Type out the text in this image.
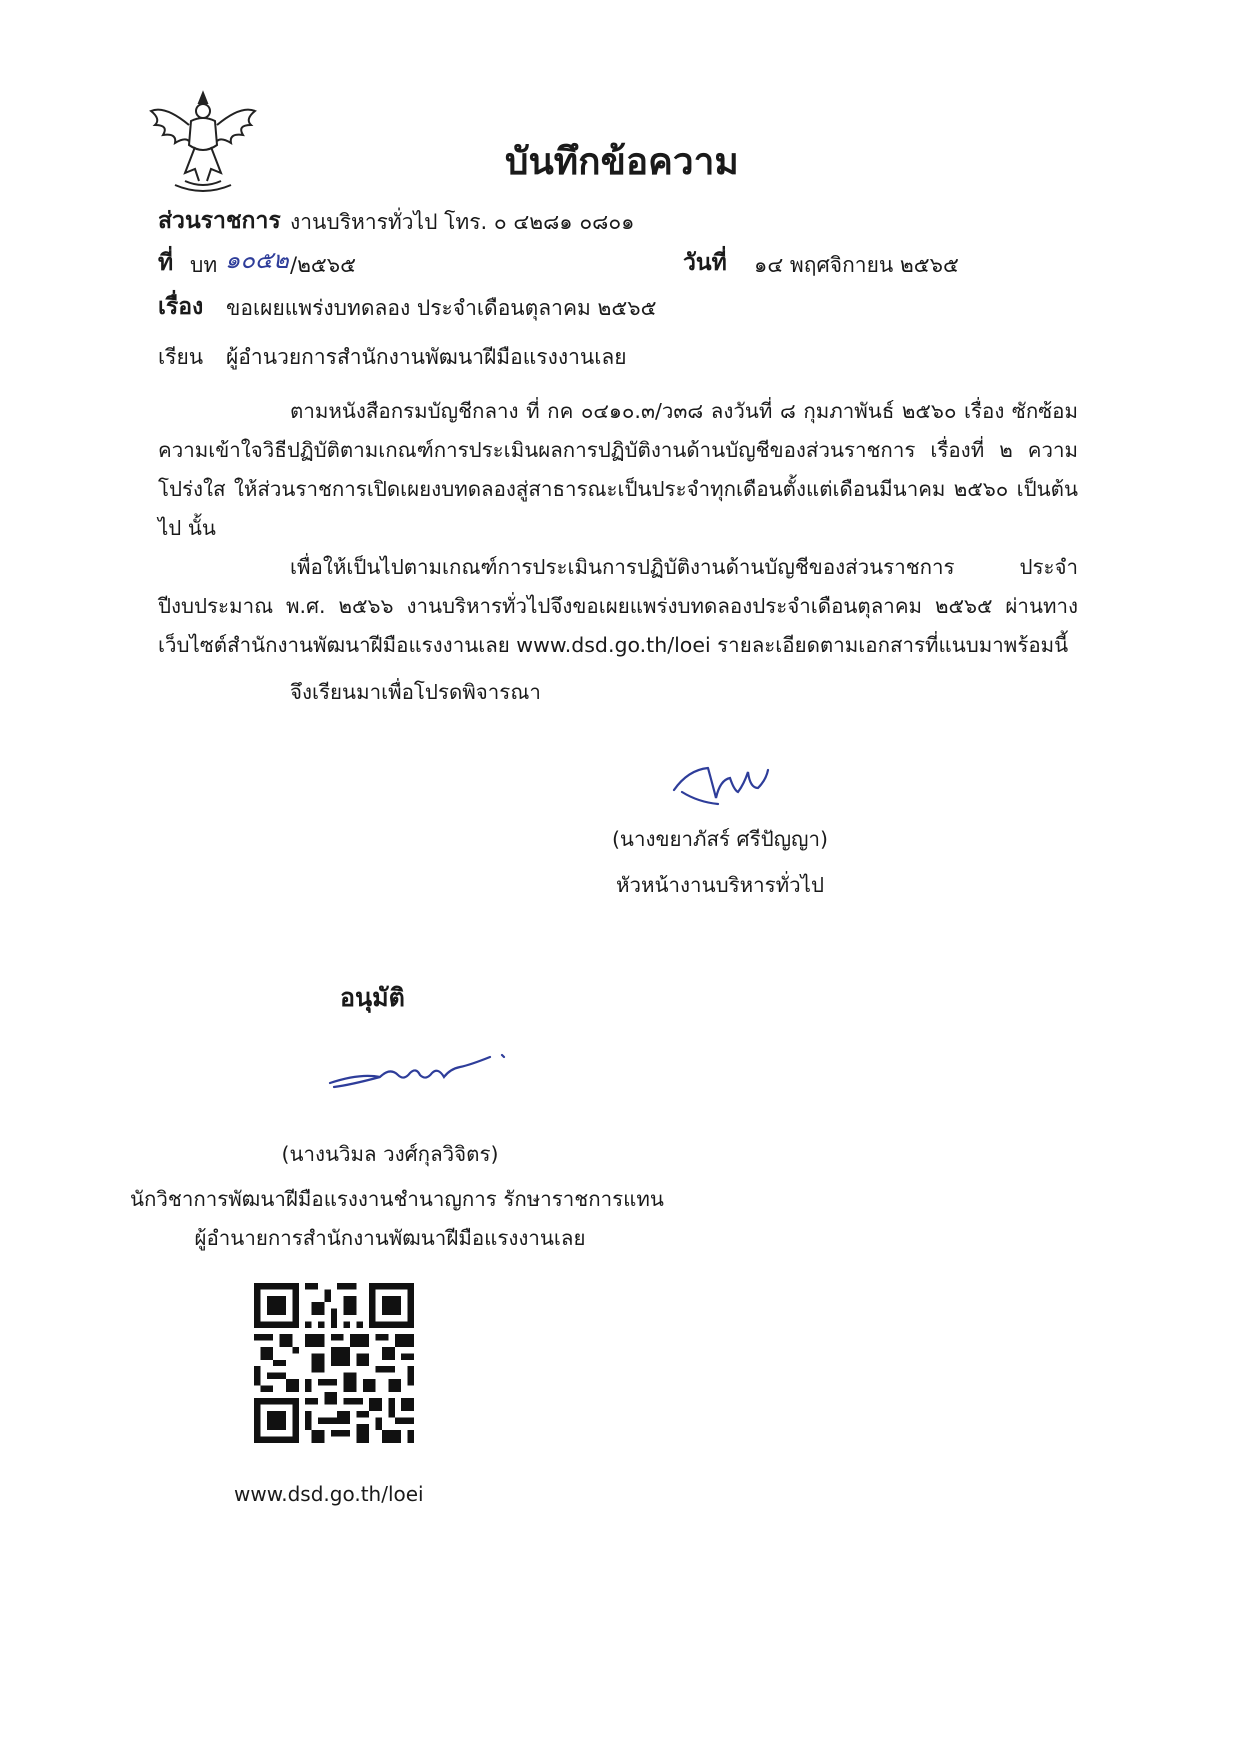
บันทึกข้อความ
ส่วนราชการ งานบริหารทั่วไป โทร. ๐ ๔๒๘๑ ๐๘๐๑
ที่ บท ๑๐๕๒ /๒๕๖๕	วันที่ ๑๔ พฤศจิกายน ๒๕๖๕
เรื่อง ขอเผยแพร่งบทดลอง ประจำเดือนตุลาคม ๒๕๖๕
เรียน ผู้อำนวยการสำนักงานพัฒนาฝีมือแรงงานเลย
ตามหนังสือกรมบัญชีกลาง ที่ กค ๐๔๑๐.๓/ว๓๘ ลงวันที่ ๘ กุมภาพันธ์ ๒๕๖๐ เรื่อง ซักซ้อมความเข้าใจวิธีปฏิบัติตามเกณฑ์การประเมินผลการปฏิบัติงานด้านบัญชีของส่วนราชการ เรื่องที่ ๒ ความโปร่งใส ให้ส่วนราชการเปิดเผยงบทดลองสู่สาธารณะเป็นประจำทุกเดือนตั้งแต่เดือนมีนาคม ๒๕๖๐ เป็นต้นไป นั้น
เพื่อให้เป็นไปตามเกณฑ์การประเมินการปฏิบัติงานด้านบัญชีของส่วนราชการ ประจำปีงบประมาณ พ.ศ. ๒๕๖๖ งานบริหารทั่วไปจึงขอเผยแพร่งบทดลองประจำเดือนตุลาคม ๒๕๖๕ ผ่านทางเว็บไซต์สำนักงานพัฒนาฝีมือแรงงานเลย www.dsd.go.th/loei รายละเอียดตามเอกสารที่แนบมาพร้อมนี้
จึงเรียนมาเพื่อโปรดพิจารณา
(นางขยาภัสร์ ศรีปัญญา)
หัวหน้างานบริหารทั่วไป
อนุมัติ
(นางนวิมล วงศ์กุลวิจิตร)
นักวิชาการพัฒนาฝีมือแรงงานชำนาญการ รักษาราชการแทน
ผู้อำนายการสำนักงานพัฒนาฝีมือแรงงานเลย
www.dsd.go.th/loei
